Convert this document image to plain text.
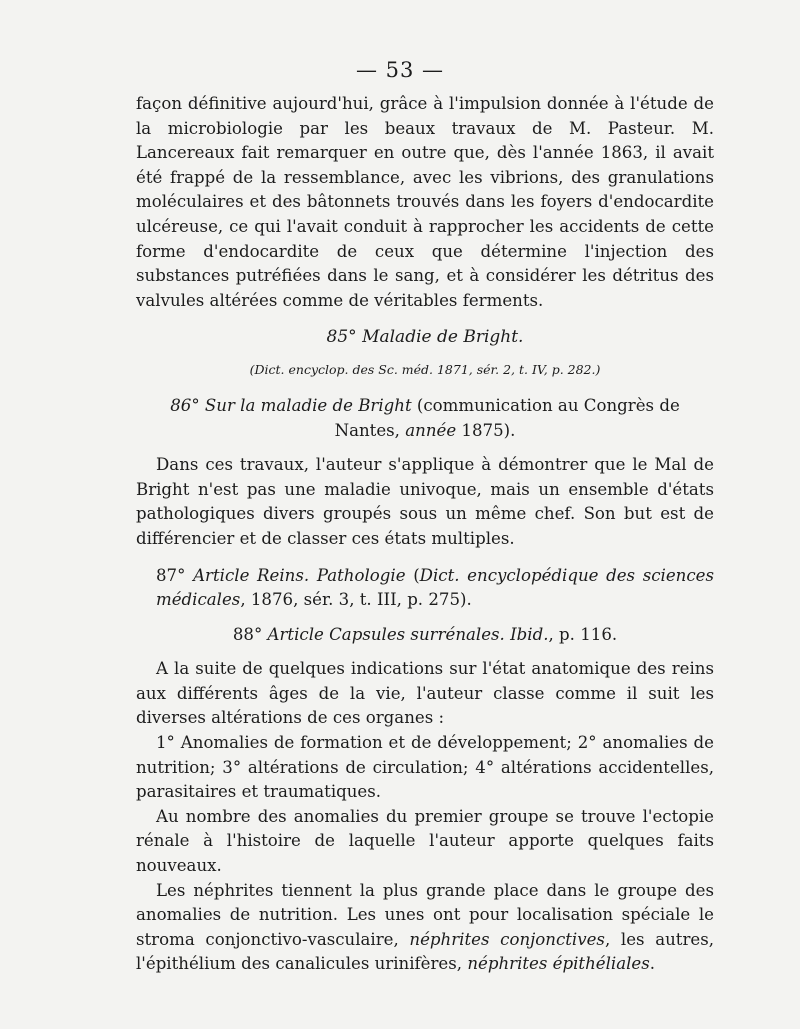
— 53 —

façon définitive aujourd'hui, grâce à l'impulsion donnée à l'étude de la microbiologie par les beaux travaux de M. Pasteur. M. Lancereaux fait remarquer en outre que, dès l'année 1863, il avait été frappé de la ressemblance, avec les vibrions, des granulations moléculaires et des bâtonnets trouvés dans les foyers d'endocardite ulcéreuse, ce qui l'avait conduit à rapprocher les accidents de cette forme d'endocardite de ceux que détermine l'injection des substances putréfiées dans le sang, et à considérer les détritus des valvules altérées comme de véritables ferments.

85° Maladie de Bright.

(Dict. encyclop. des Sc. méd. 1871, sér. 2, t. IV, p. 282.)

86° Sur la maladie de Bright (communication au Congrès de Nantes, année 1875).

Dans ces travaux, l'auteur s'applique à démontrer que le Mal de Bright n'est pas une maladie univoque, mais un ensemble d'états pathologiques divers groupés sous un même chef. Son but est de différencier et de classer ces états multiples.

87° Article Reins. Pathologie (Dict. encyclopédique des sciences médicales, 1876, sér. 3, t. III, p. 275).

88° Article Capsules surrénales. Ibid., p. 116.

A la suite de quelques indications sur l'état anatomique des reins aux différents âges de la vie, l'auteur classe comme il suit les diverses altérations de ces organes :

1° Anomalies de formation et de développement; 2° anomalies de nutrition; 3° altérations de circulation; 4° altérations accidentelles, parasitaires et traumatiques.

Au nombre des anomalies du premier groupe se trouve l'ectopie rénale à l'histoire de laquelle l'auteur apporte quelques faits nouveaux.

Les néphrites tiennent la plus grande place dans le groupe des anomalies de nutrition. Les unes ont pour localisation spéciale le stroma conjonctivo-vasculaire, néphrites conjonctives, les autres, l'épithélium des canalicules urinifères, néphrites épithéliales.
